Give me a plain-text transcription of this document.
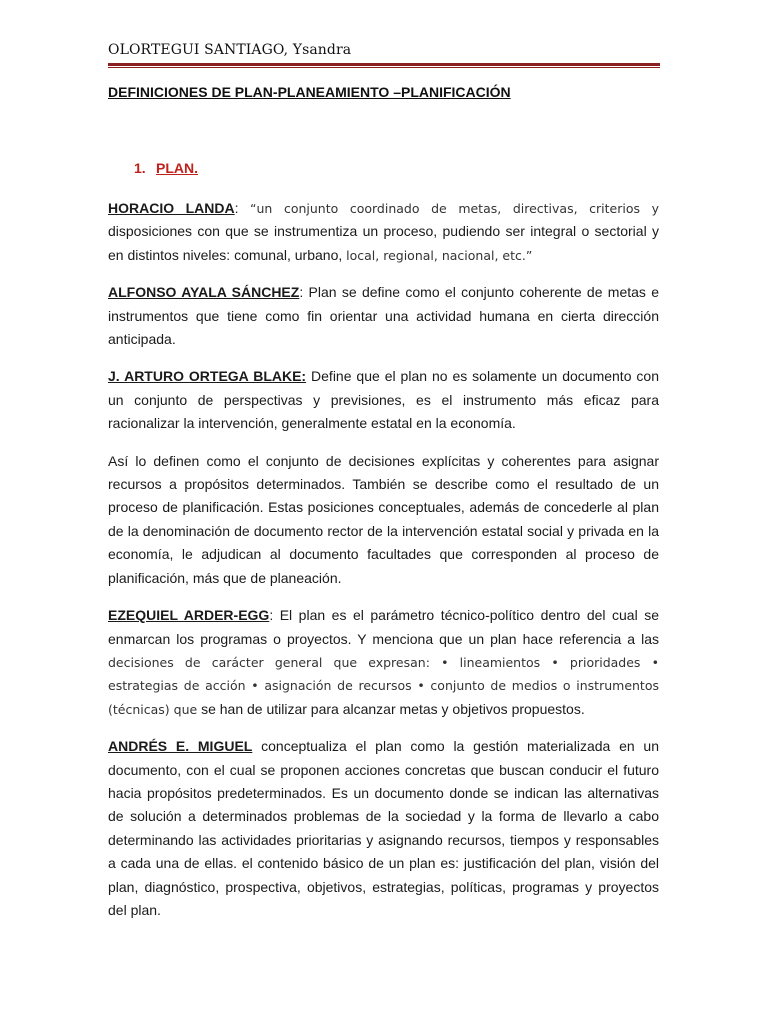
OLORTEGUI SANTIAGO, Ysandra
DEFINICIONES DE PLAN-PLANEAMIENTO –PLANIFICACIÓN
1. PLAN.

HORACIO LANDA: “un conjunto coordinado de metas, directivas, criterios y disposiciones con que se instrumentiza un proceso, pudiendo ser integral o sectorial y en distintos niveles: comunal, urbano, local, regional, nacional, etc.”

ALFONSO AYALA SÁNCHEZ: Plan se define como el conjunto coherente de metas e instrumentos que tiene como fin orientar una actividad humana en cierta dirección anticipada.

J. ARTURO ORTEGA BLAKE: Define que el plan no es solamente un documento con un conjunto de perspectivas y previsiones, es el instrumento más eficaz para racionalizar la intervención, generalmente estatal en la economía.

Así lo definen como el conjunto de decisiones explícitas y coherentes para asignar recursos a propósitos determinados. También se describe como el resultado de un proceso de planificación. Estas posiciones conceptuales, además de concederle al plan de la denominación de documento rector de la intervención estatal social y privada en la economía, le adjudican al documento facultades que corresponden al proceso de planificación, más que de planeación.

EZEQUIEL ARDER-EGG: El plan es el parámetro técnico-político dentro del cual se enmarcan los programas o proyectos. Y menciona que un plan hace referencia a las decisiones de carácter general que expresan: • lineamientos • prioridades • estrategias de acción • asignación de recursos • conjunto de medios o instrumentos (técnicas) que se han de utilizar para alcanzar metas y objetivos propuestos.

ANDRÉS E. MIGUEL conceptualiza el plan como la gestión materializada en un documento, con el cual se proponen acciones concretas que buscan conducir el futuro hacia propósitos predeterminados. Es un documento donde se indican las alternativas de solución a determinados problemas de la sociedad y la forma de llevarlo a cabo determinando las actividades prioritarias y asignando recursos, tiempos y responsables a cada una de ellas. el contenido básico de un plan es: justificación del plan, visión del plan, diagnóstico, prospectiva, objetivos, estrategias, políticas, programas y proyectos del plan.
